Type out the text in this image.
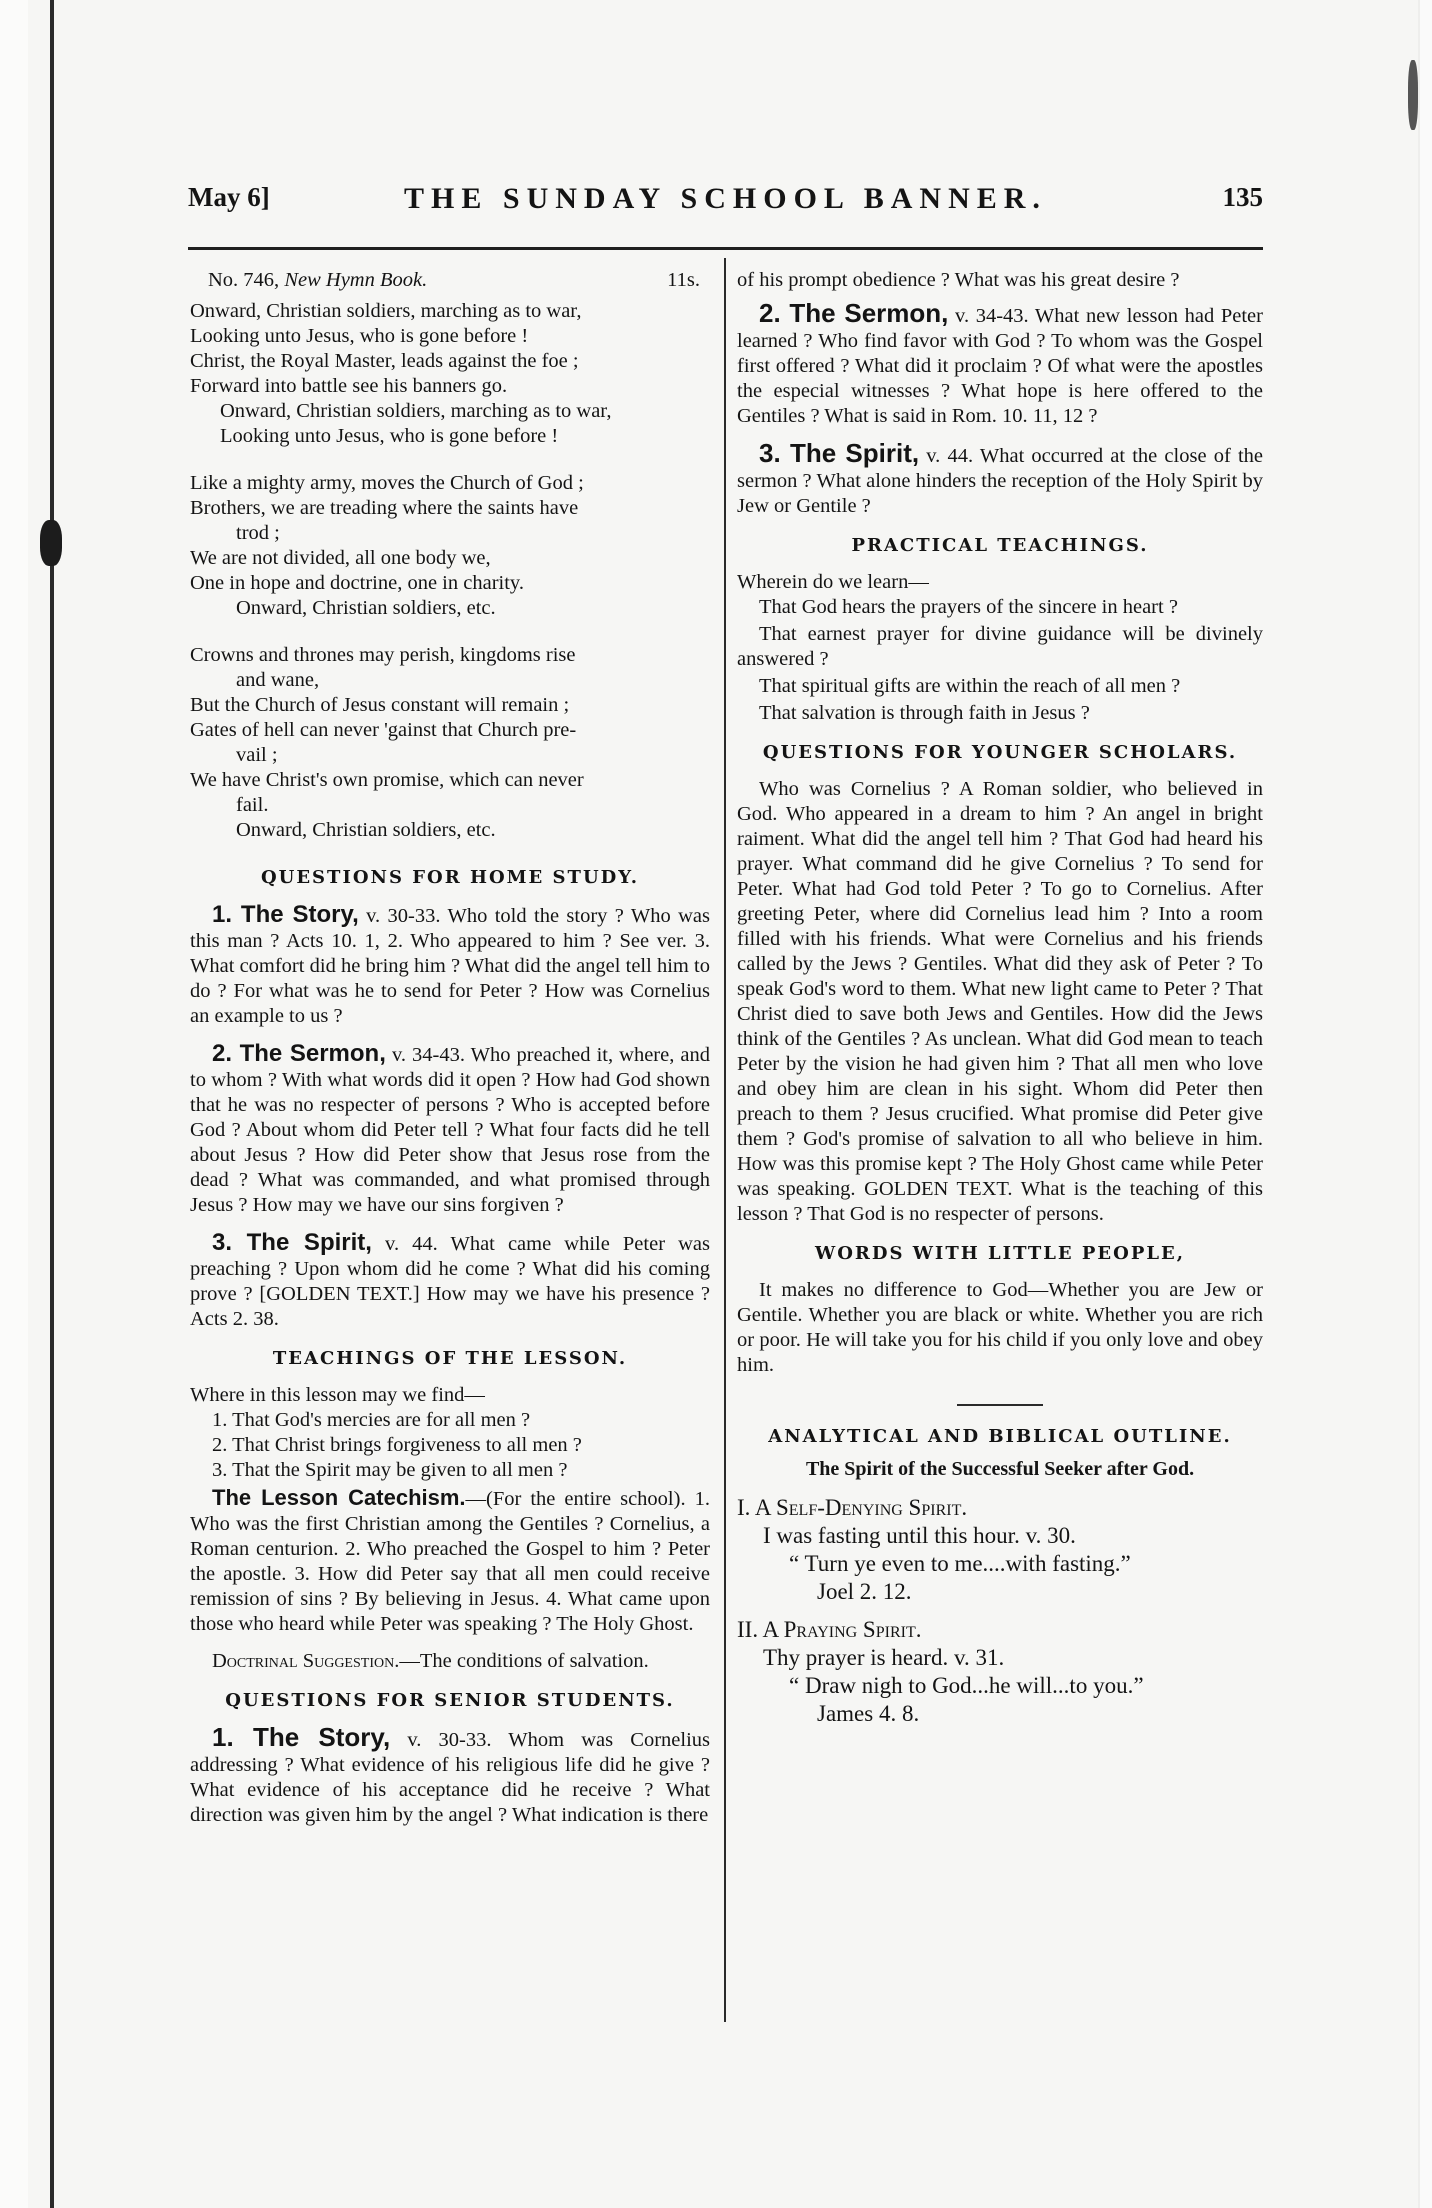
May 6]	THE SUNDAY SCHOOL BANNER.	135
No. 746, New Hymn Book.	11s.
Onward, Christian soldiers, marching as to war,
Looking unto Jesus, who is gone before !
Christ, the Royal Master, leads against the foe ;
Forward into battle see his banners go.
Onward, Christian soldiers, marching as to war,
Looking unto Jesus, who is gone before !
Like a mighty army, moves the Church of God ;
Brothers, we are treading where the saints have
trod ;
We are not divided, all one body we,
One in hope and doctrine, one in charity.
Onward, Christian soldiers, etc.
Crowns and thrones may perish, kingdoms rise
and wane,
But the Church of Jesus constant will remain ;
Gates of hell can never 'gainst that Church pre-
vail ;
We have Christ's own promise, which can never
fail.
Onward, Christian soldiers, etc.
QUESTIONS FOR HOME STUDY.

1. The Story, v. 30-33. Who told the story ? Who was this man ? Acts 10. 1, 2. Who appeared to him ? See ver. 3. What comfort did he bring him ? What did the angel tell him to do ? For what was he to send for Peter ? How was Cornelius an example to us ?

2. The Sermon, v. 34-43. Who preached it, where, and to whom ? With what words did it open ? How had God shown that he was no respecter of persons ? Who is accepted before God ? About whom did Peter tell ? What four facts did he tell about Jesus ? How did Peter show that Jesus rose from the dead ? What was commanded, and what promised through Jesus ? How may we have our sins forgiven ?

3. The Spirit, v. 44. What came while Peter was preaching ? Upon whom did he come ? What did his coming prove ? [GOLDEN TEXT.] How may we have his presence ? Acts 2. 38.

TEACHINGS OF THE LESSON.
Where in this lesson may we find—
1. That God's mercies are for all men ?
2. That Christ brings forgiveness to all men ?
3. That the Spirit may be given to all men ?

The Lesson Catechism.—(For the entire school). 1. Who was the first Christian among the Gentiles ? Cornelius, a Roman centurion. 2. Who preached the Gospel to him ? Peter the apostle. 3. How did Peter say that all men could receive remission of sins ? By believing in Jesus. 4. What came upon those who heard while Peter was speaking ? The Holy Ghost.

Doctrinal Suggestion.—The conditions of salvation.

QUESTIONS FOR SENIOR STUDENTS.

1. The Story, v. 30-33. Whom was Cornelius addressing ? What evidence of his religious life did he give ? What evidence of his acceptance did he receive ? What direction was given him by the angel ? What indication is there

of his prompt obedience ? What was his great desire ?

2. The Sermon, v. 34-43. What new lesson had Peter learned ? Who find favor with God ? To whom was the Gospel first offered ? What did it proclaim ? Of what were the apostles the especial witnesses ? What hope is here offered to the Gentiles ? What is said in Rom. 10. 11, 12 ?

3. The Spirit, v. 44. What occurred at the close of the sermon ? What alone hinders the reception of the Holy Spirit by Jew or Gentile ?

PRACTICAL TEACHINGS.
Wherein do we learn—

That God hears the prayers of the sincere in heart ?

That earnest prayer for divine guidance will be divinely answered ?

That spiritual gifts are within the reach of all men ?

That salvation is through faith in Jesus ?

QUESTIONS FOR YOUNGER SCHOLARS.

Who was Cornelius ? A Roman soldier, who believed in God. Who appeared in a dream to him ? An angel in bright raiment. What did the angel tell him ? That God had heard his prayer. What command did he give Cornelius ? To send for Peter. What had God told Peter ? To go to Cornelius. After greeting Peter, where did Cornelius lead him ? Into a room filled with his friends. What were Cornelius and his friends called by the Jews ? Gentiles. What did they ask of Peter ? To speak God's word to them. What new light came to Peter ? That Christ died to save both Jews and Gentiles. How did the Jews think of the Gentiles ? As unclean. What did God mean to teach Peter by the vision he had given him ? That all men who love and obey him are clean in his sight. Whom did Peter then preach to them ? Jesus crucified. What promise did Peter give them ? God's promise of salvation to all who believe in him. How was this promise kept ? The Holy Ghost came while Peter was speaking. GOLDEN TEXT. What is the teaching of this lesson ? That God is no respecter of persons.

WORDS WITH LITTLE PEOPLE,

It makes no difference to God—Whether you are Jew or Gentile. Whether you are black or white. Whether you are rich or poor. He will take you for his child if you only love and obey him.

ANALYTICAL AND BIBLICAL OUTLINE.
The Spirit of the Successful Seeker after God.
I. A Self-Denying Spirit.
I was fasting until this hour. v. 30.
“ Turn ye even to me....with fasting.”
Joel 2. 12.
II. A Praying Spirit.
Thy prayer is heard. v. 31.
“ Draw nigh to God...he will...to you.”
James 4. 8.
